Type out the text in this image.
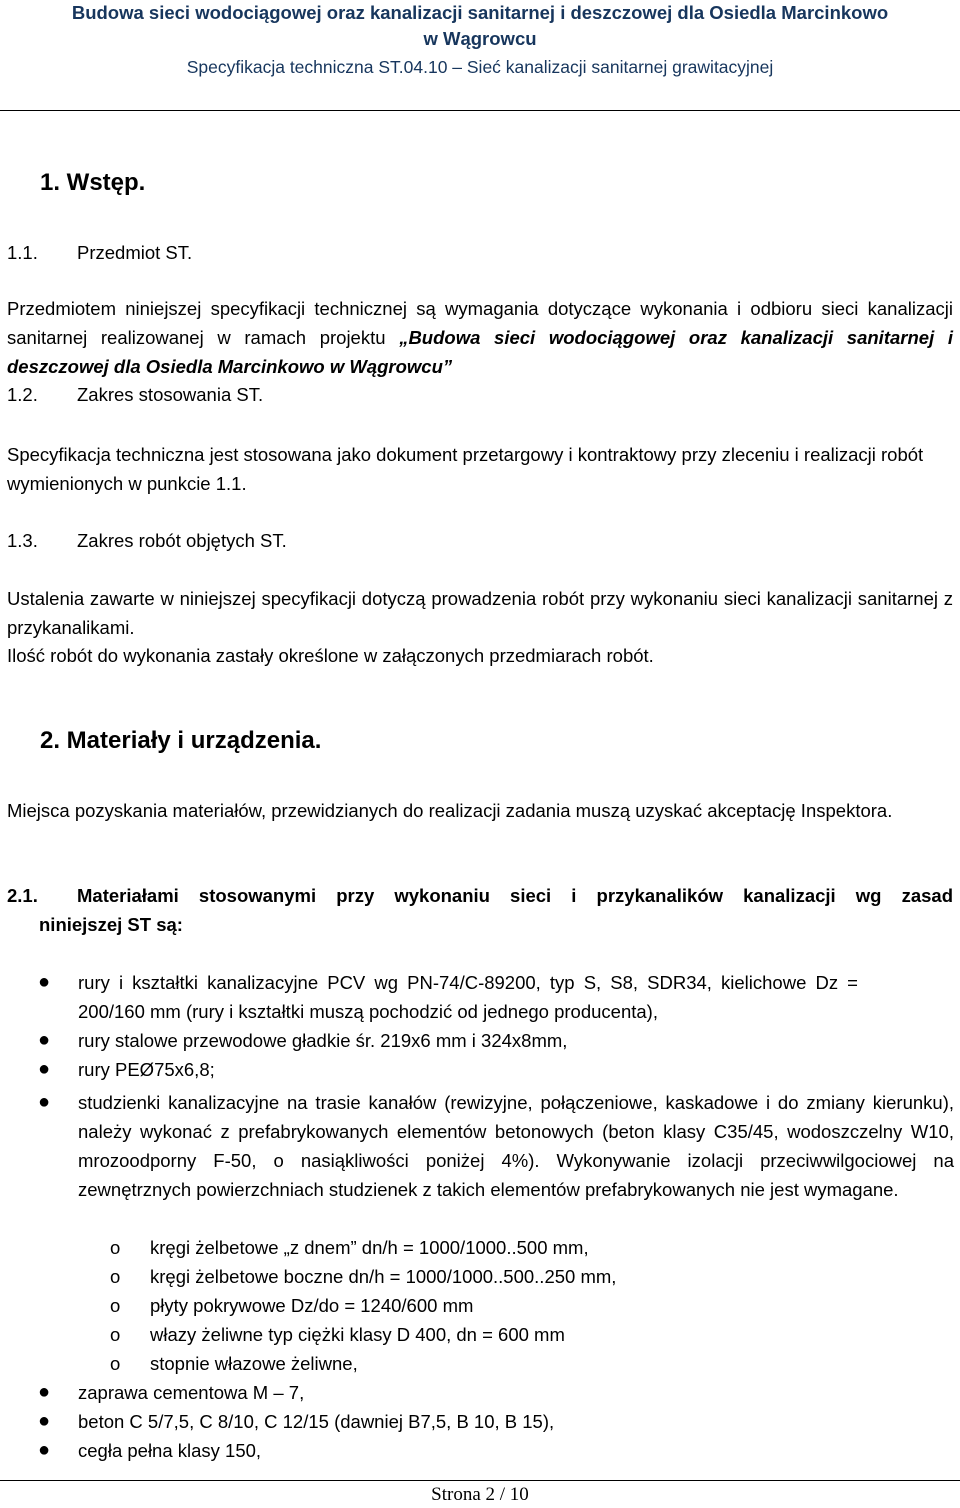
Budowa sieci wodociągowej oraz kanalizacji sanitarnej i deszczowej dla Osiedla Marcinkowo
w Wągrowcu
Specyfikacja techniczna ST.04.10 – Sieć kanalizacji sanitarnej grawitacyjnej
1. Wstęp.
1.1. Przedmiot ST.
Przedmiotem niniejszej specyfikacji technicznej są wymagania dotyczące wykonania i odbioru sieci kanalizacji sanitarnej realizowanej w ramach projektu „Budowa sieci wodociągowej oraz kanalizacji sanitarnej i deszczowej dla Osiedla Marcinkowo w Wągrowcu”
1.2. Zakres stosowania ST.
Specyfikacja techniczna jest stosowana jako dokument przetargowy i kontraktowy przy zleceniu i realizacji robót wymienionych w punkcie 1.1.
1.3. Zakres robót objętych ST.
Ustalenia zawarte w niniejszej specyfikacji dotyczą prowadzenia robót przy wykonaniu sieci kanalizacji sanitarnej z przykanalikami.
Ilość robót do wykonania zastały określone w załączonych przedmiarach robót.
2. Materiały i urządzenia.
Miejsca pozyskania materiałów, przewidzianych do realizacji zadania muszą uzyskać akceptację Inspektora.
2.1. Materiałami stosowanymi przy wykonaniu sieci i przykanalików kanalizacji wg zasad
niniejszej ST są:
● rury i kształtki kanalizacyjne PCV wg PN-74/C-89200, typ S, S8, SDR34, kielichowe Dz = 200/160 mm (rury i kształtki muszą pochodzić od jednego producenta),
● rury stalowe przewodowe gładkie śr. 219x6 mm i 324x8mm,
● rury PEØ75x6,8;
● studzienki kanalizacyjne na trasie kanałów (rewizyjne, połączeniowe, kaskadowe i do zmiany kierunku), należy wykonać z prefabrykowanych elementów betonowych (beton klasy C35/45, wodoszczelny W10, mrozoodporny F-50, o nasiąkliwości poniżej 4%). Wykonywanie izolacji przeciwwilgociowej na zewnętrznych powierzchniach studzienek z takich elementów prefabrykowanych nie jest wymagane.
o kręgi żelbetowe „z dnem” dn/h = 1000/1000..500 mm,
o kręgi żelbetowe boczne dn/h = 1000/1000..500..250 mm,
o płyty pokrywowe Dz/do = 1240/600 mm
o włazy żeliwne typ ciężki klasy D 400, dn = 600 mm
o stopnie włazowe żeliwne,
● zaprawa cementowa M – 7,
● beton C 5/7,5, C 8/10, C 12/15 (dawniej B7,5, B 10, B 15),
● cegła pełna klasy 150,
Strona 2 / 10
